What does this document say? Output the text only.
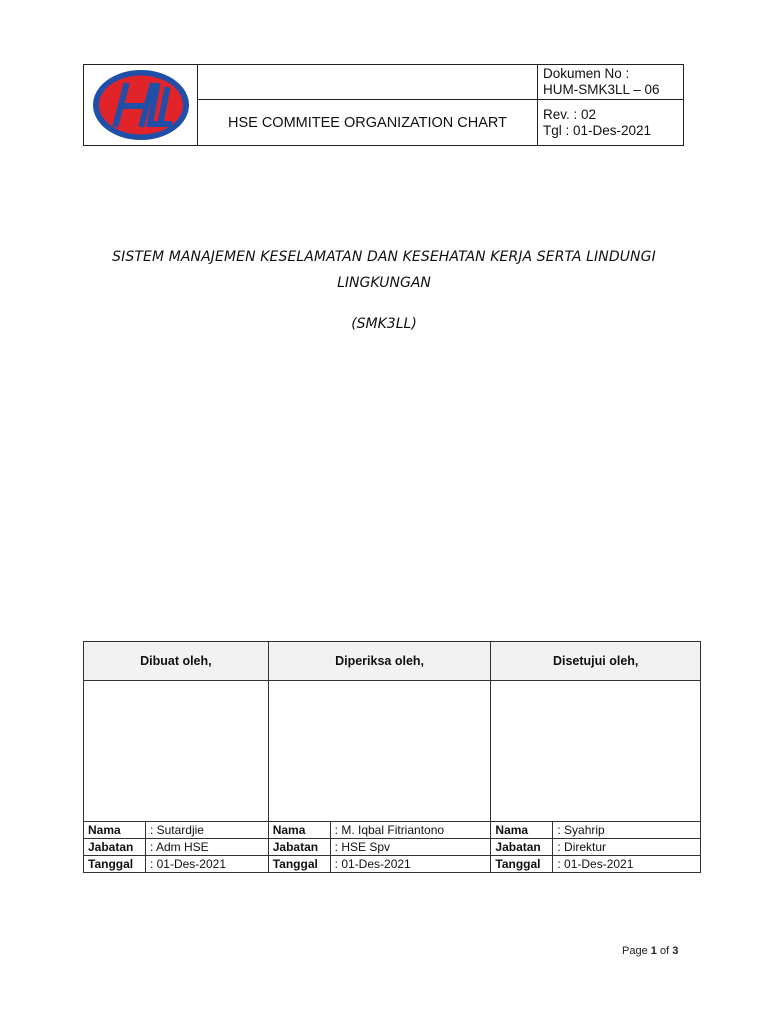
Dokumen No :
HUM-SMK3LL – 06

	HSE COMMITEE ORGANIZATION CHART	Rev. : 02
Tgl : 01-Des-2021
SISTEM MANAJEMEN KESELAMATAN DAN KESEHATAN KERJA SERTA LINDUNGI
LINGKUNGAN
(SMK3LL)
Dibuat oleh,		Diperiksa oleh,		Disetujui oleh,	

Nama	: Sutardjie	Nama	: M. Iqbal Fitriantono	Nama	: Syahrip
Jabatan	: Adm HSE	Jabatan	: HSE Spv	Jabatan	: Direktur
Tanggal	: 01-Des-2021	Tanggal	: 01-Des-2021	Tanggal	: 01-Des-2021
Page 1 of 3
